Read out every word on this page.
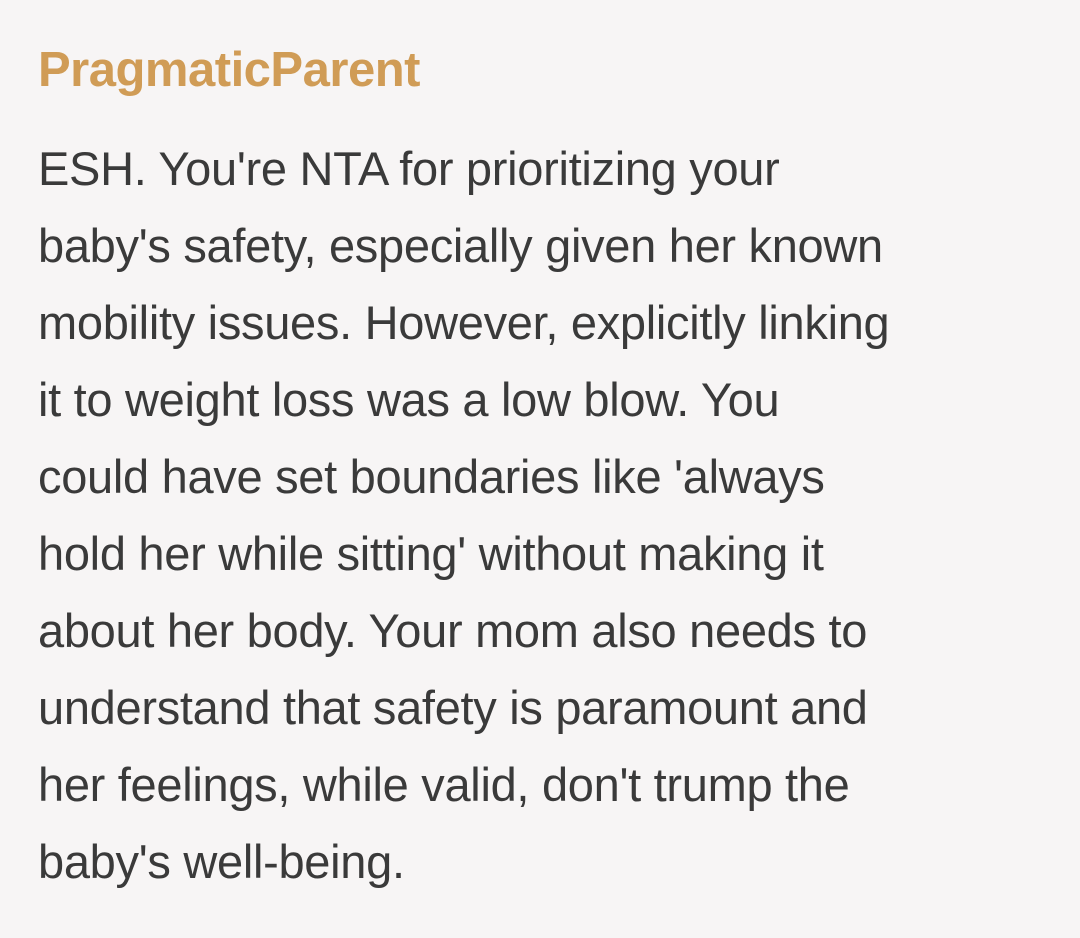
PragmaticParent
ESH. You're NTA for prioritizing your
baby's safety, especially given her known
mobility issues. However, explicitly linking
it to weight loss was a low blow. You
could have set boundaries like 'always
hold her while sitting' without making it
about her body. Your mom also needs to
understand that safety is paramount and
her feelings, while valid, don't trump the
baby's well-being.
